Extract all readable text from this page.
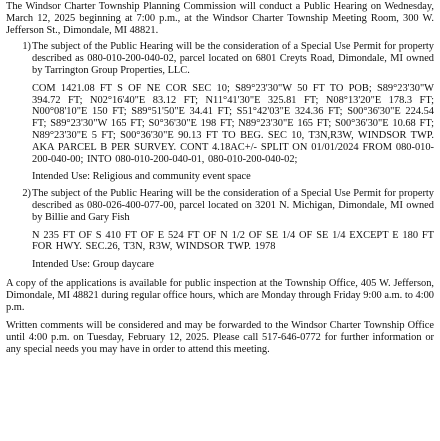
The Windsor Charter Township Planning Commission will conduct a Public Hearing on Wednesday, March 12, 2025 beginning at 7:00 p.m., at the Windsor Charter Township Meeting Room, 300 W. Jefferson St., Dimondale, MI 48821.

1) The subject of the Public Hearing will be the consideration of a Special Use Permit for property described as 080-010-200-040-02, parcel located on 6801 Creyts Road, Dimondale, MI owned by Tarrington Group Properties, LLC.

COM 1421.08 FT S OF NE COR SEC 10; S89°23'30"W 50 FT TO POB; S89°23'30"W 394.72 FT; N02°16'40"E 83.12 FT; N11°41'30"E 325.81 FT; N08°13'20"E 178.3 FT; N00°08'10"E 150 FT; S89°51'50"E 34.41 FT; S51°42'03"E 324.36 FT; S00°36'30"E 224.54 FT; S89°23'30"W 165 FT; S0°36'30"E 198 FT; N89°23'30"E 165 FT; S00°36'30"E 10.68 FT; N89°23'30"E 5 FT; S00°36'30"E 90.13 FT TO BEG. SEC 10, T3N,R3W, WINDSOR TWP. AKA PARCEL B PER SURVEY. CONT 4.18AC+/- SPLIT ON 01/01/2024 FROM 080-010-200-040-00; INTO 080-010-200-040-01, 080-010-200-040-02;

Intended Use: Religious and community event space

2) The subject of the Public Hearing will be the consideration of a Special Use Permit for property described as 080-026-400-077-00, parcel located on 3201 N. Michigan, Dimondale, MI owned by Billie and Gary Fish

N 235 FT OF S 410 FT OF E 524 FT OF N 1/2 OF SE 1/4 OF SE 1/4 EXCEPT E 180 FT FOR HWY. SEC.26, T3N, R3W, WINDSOR TWP. 1978

Intended Use: Group daycare

A copy of the applications is available for public inspection at the Township Office, 405 W. Jefferson, Dimondale, MI 48821 during regular office hours, which are Monday through Friday 9:00 a.m. to 4:00 p.m.

Written comments will be considered and may be forwarded to the Windsor Charter Township Office until 4:00 p.m. on Tuesday, February 12, 2025. Please call 517-646-0772 for further information or any special needs you may have in order to attend this meeting.
